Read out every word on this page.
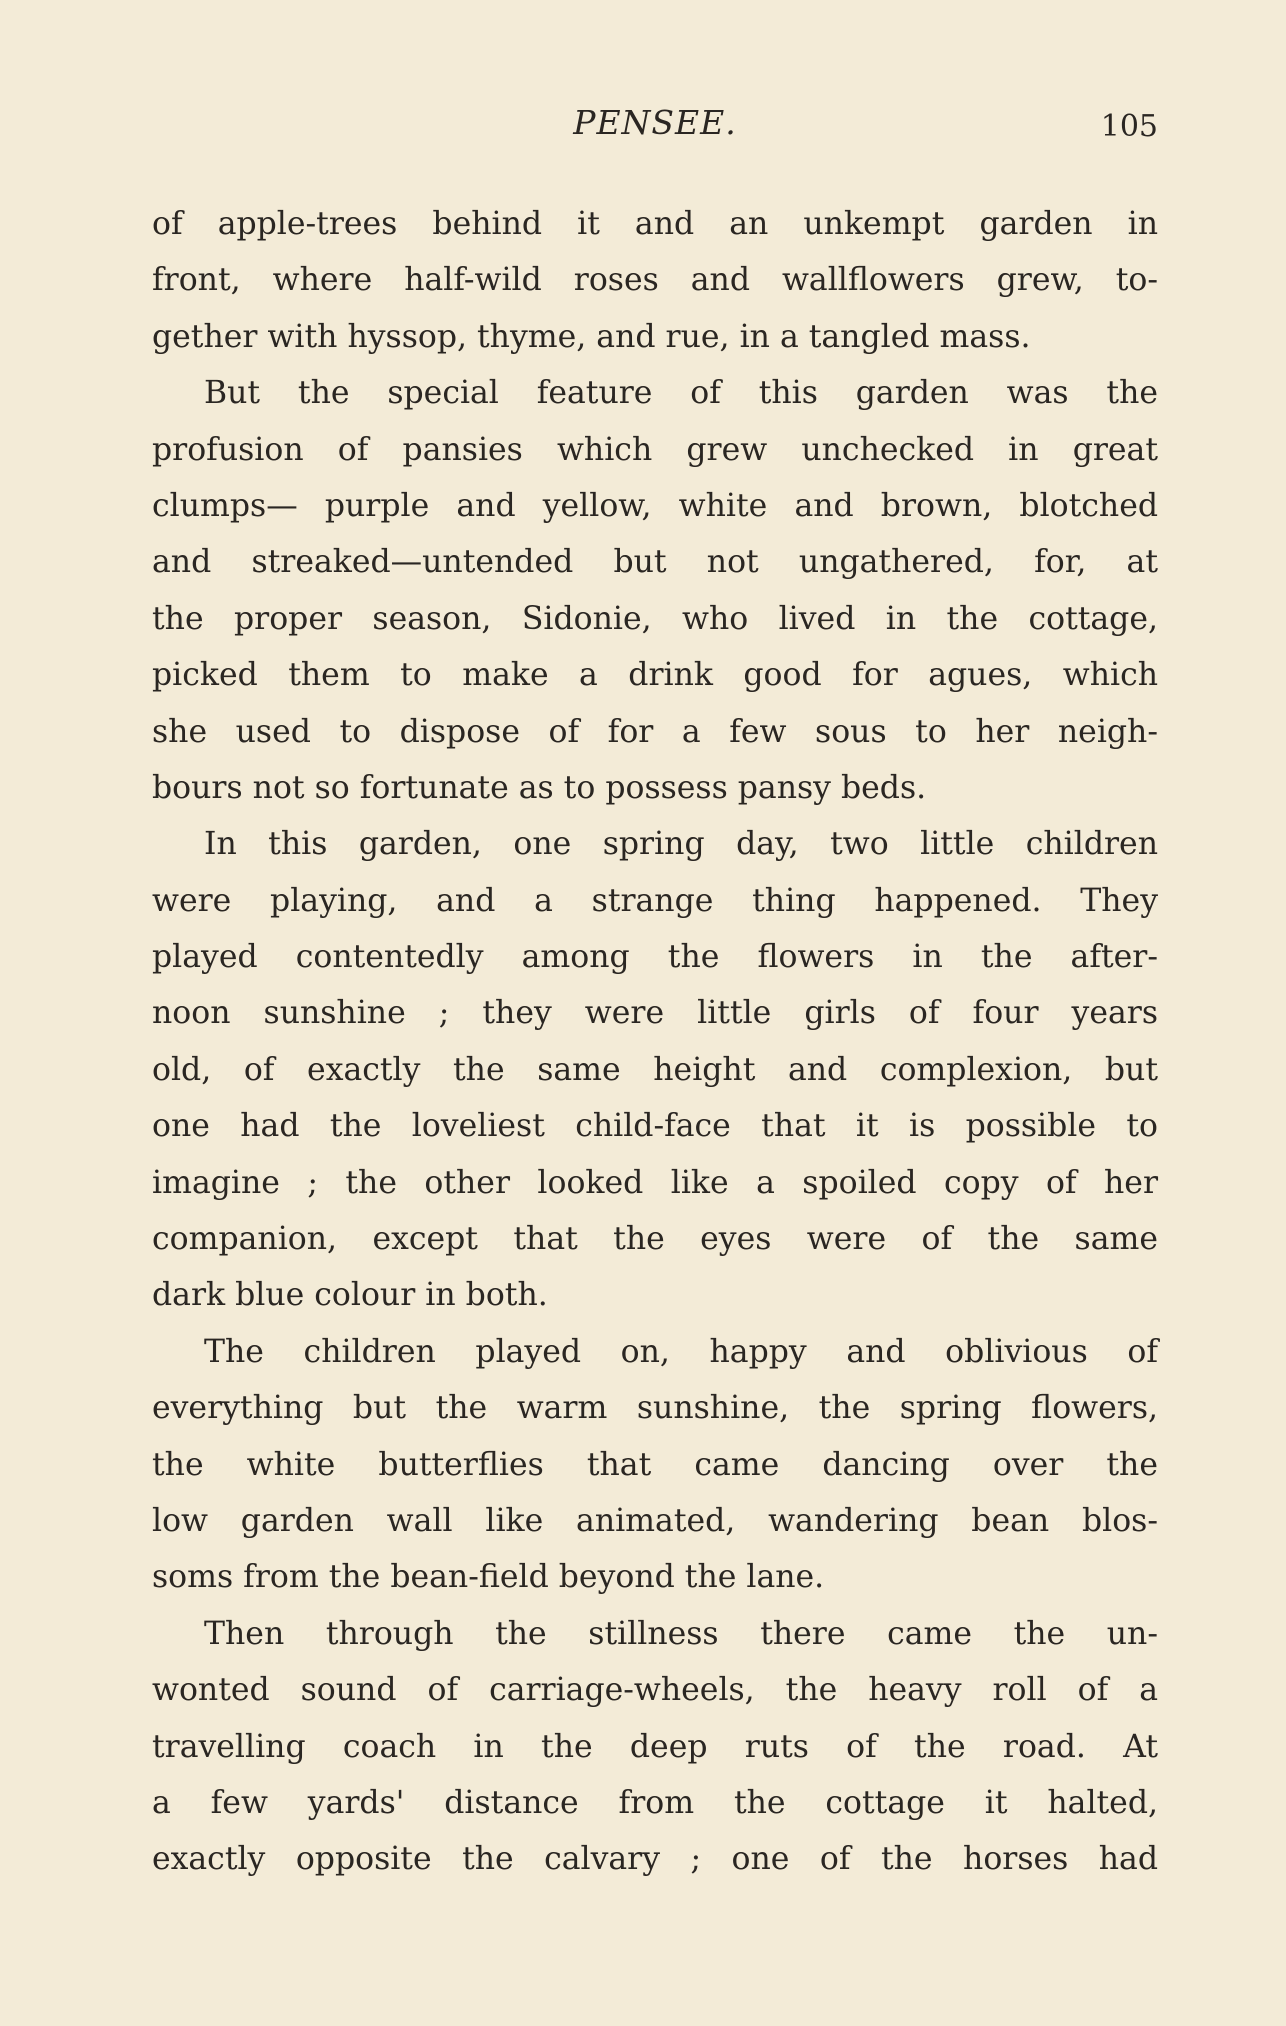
PENSEE.	105
of apple-trees behind it and an unkempt garden in
front, where half-wild roses and wallflowers grew, to-
gether with hyssop, thyme, and rue, in a tangled mass.
But the special feature of this garden was the
profusion of pansies which grew unchecked in great
clumps— purple and yellow, white and brown, blotched
and streaked—untended but not ungathered, for, at
the proper season, Sidonie, who lived in the cottage,
picked them to make a drink good for agues, which
she used to dispose of for a few sous to her neigh-
bours not so fortunate as to possess pansy beds.
In this garden, one spring day, two little children
were playing, and a strange thing happened. They
played contentedly among the flowers in the after-
noon sunshine ; they were little girls of four years
old, of exactly the same height and complexion, but
one had the loveliest child-face that it is possible to
imagine ; the other looked like a spoiled copy of her
companion, except that the eyes were of the same
dark blue colour in both.
The children played on, happy and oblivious of
everything but the warm sunshine, the spring flowers,
the white butterflies that came dancing over the
low garden wall like animated, wandering bean blos-
soms from the bean-field beyond the lane.
Then through the stillness there came the un-
wonted sound of carriage-wheels, the heavy roll of a
travelling coach in the deep ruts of the road. At
a few yards' distance from the cottage it halted,
exactly opposite the calvary ; one of the horses had
